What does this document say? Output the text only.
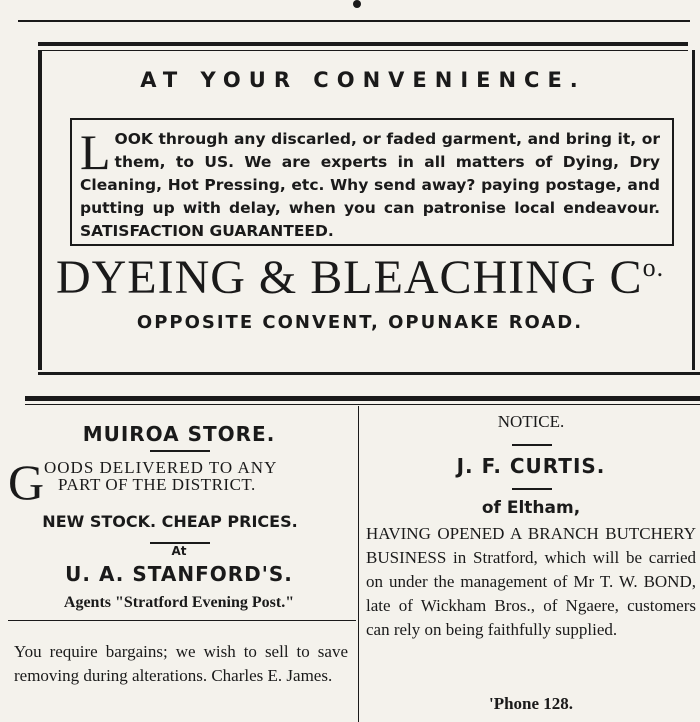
AT YOUR CONVENIENCE.
LOOK through any discarled, or faded garment, and bring it, or them, to US. We are experts in all matters of Dying, Dry Cleaning, Hot Pressing, etc. Why send away? paying postage, and putting up with delay, when you can patronise local endeavour. SATISFACTION GUARANTEED.
DYEING & BLEACHING $C^{o.}$
OPPOSITE CONVENT, OPUNAKE ROAD.
MUIROA STORE.
G OODS DELIVERED TO ANY
PART OF THE DISTRICT.
NEW STOCK. CHEAP PRICES.
At
U. A. STANFORD'S.
Agents "Stratford Evening Post."
You require bargains; we wish to sell to save removing during alterations. Charles E. James.
NOTICE.
J. F. CURTIS.
of Eltham,
HAVING OPENED A BRANCH BUTCHERY BUSINESS in Stratford, which will be carried on under the management of Mr T. W. BOND, late of Wickham Bros., of Ngaere, customers can rely on being faithfully supplied.
'Phone 128.
